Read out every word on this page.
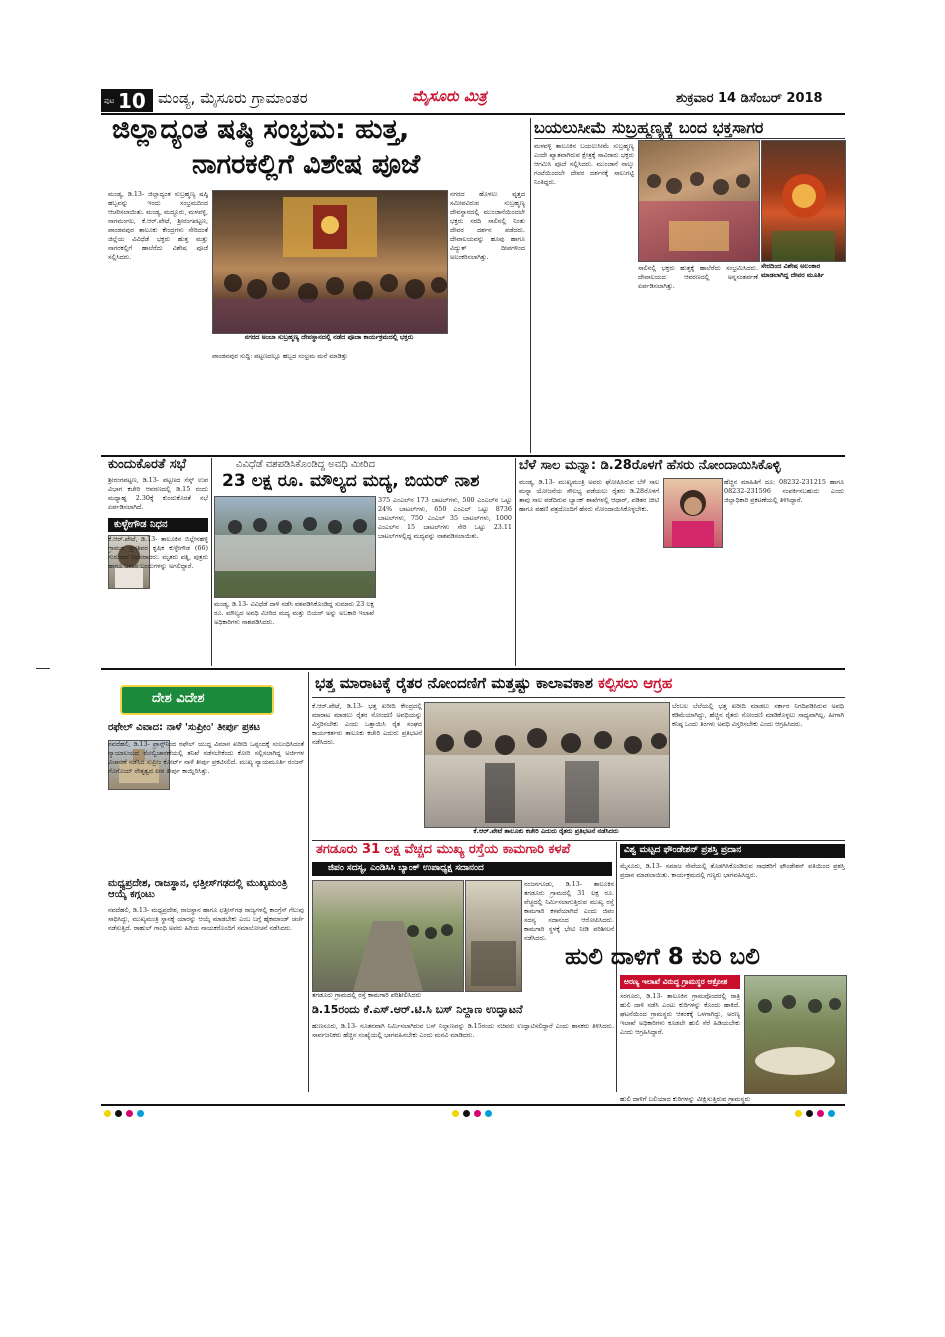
ಪುಟ 10 ಮಂಡ್ಯ, ಮೈಸೂರು ಗ್ರಾಮಾಂತರ	ಮೈಸೂರು ಮಿತ್ರ	ಶುಕ್ರವಾರ 14 ಡಿಸೆಂಬರ್ 2018
ಜಿಲ್ಲಾದ್ಯಂತ ಷಷ್ಠಿ ಸಂಭ್ರಮ: ಹುತ್ತ,
ನಾಗರಕಲ್ಲಿಗೆ ವಿಶೇಷ ಪೂಜೆ
ಮಂಡ್ಯ, ಡಿ.13- ಜಿಲ್ಲಾದ್ಯಂತ ಸುಬ್ರಹ್ಮಣ್ಯ ಷಷ್ಠಿ ಹಬ್ಬವನ್ನು ಇಂದು ಸಂಭ್ರಮದಿಂದ ಆಚರಿಸಲಾಯಿತು. ಮಂಡ್ಯ, ಮದ್ದೂರು, ಮಳವಳ್ಳಿ, ನಾಗಮಂಗಲ, ಕೆ.ಆರ್.ಪೇಟೆ, ಶ್ರೀರಂಗಪಟ್ಟಣ, ಪಾಂಡವಪುರ ತಾಲೂಕು ಕೇಂದ್ರಗಳು ಸೇರಿದಂತೆ ಜಿಲ್ಲೆಯ ವಿವಿಧೆಡೆ ಭಕ್ತರು ಹುತ್ತ ಮತ್ತು ನಾಗರಕಲ್ಲಿಗೆ ಹಾಲೆರೆದು ವಿಶೇಷ ಪೂಜೆ ಸಲ್ಲಿಸಿದರು.
ನಗರದ ಅಂಬಾ ಸುಬ್ರಹ್ಮಣ್ಯ ದೇವಸ್ಥಾನದಲ್ಲಿ ನಡೆದ ಪೂಜಾ ಕಾರ್ಯಕ್ರಮದಲ್ಲಿ ಭಕ್ತರು
ನಗರದ ಹೊಳಲು ವೃತ್ತದ ಸಮೀಪವಿರುವ ಸುಬ್ರಹ್ಮಣ್ಯ ದೇವಸ್ಥಾನದಲ್ಲಿ ಮುಂಜಾನೆಯಿಂದಲೇ ಭಕ್ತರು ಸರದಿ ಸಾಲಿನಲ್ಲಿ ನಿಂತು ದೇವರ ದರ್ಶನ ಪಡೆದರು. ದೇವಾಲಯವನ್ನು ಹೂವು ಹಾಗೂ ವಿದ್ಯುತ್ ದೀಪಗಳಿಂದ ಅಲಂಕರಿಸಲಾಗಿತ್ತು.
ಪಾಂಡವಪುರ ಸುದ್ದಿ: ಪಟ್ಟಣದಲ್ಲೂ ಹಬ್ಬದ ಸಂಭ್ರಮ ಮನೆ ಮಾಡಿತ್ತು
ಬಯಲುಸೀಮೆ ಸುಬ್ರಹ್ಮಣ್ಯಕ್ಕೆ ಬಂದ ಭಕ್ತಸಾಗರ
ಮಳವಳ್ಳಿ ತಾಲೂಕಿನ ಬಯಲುಸೀಮೆ ಸುಬ್ರಹ್ಮಣ್ಯ ಎಂದೇ ಖ್ಯಾತವಾಗಿರುವ ಕ್ಷೇತ್ರಕ್ಕೆ ಸಾವಿರಾರು ಭಕ್ತರು ಆಗಮಿಸಿ ಪೂಜೆ ಸಲ್ಲಿಸಿದರು. ಮುಂಜಾನೆ ನಾಲ್ಕು ಗಂಟೆಯಿಂದಲೇ ದೇವರ ದರ್ಶನಕ್ಕೆ ಸಾಲುಗಟ್ಟಿ ನಿಂತಿದ್ದರು.
ಸಾಲಿನಲ್ಲಿ ಭಕ್ತರು ಹುತ್ತಕ್ಕೆ ಹಾಲೆರೆದು ಸಂಭ್ರಮಿಸಿದರು. ದೇವಾಲಯದ ಆವರಣದಲ್ಲಿ ಅನ್ನಸಂತರ್ಪಣೆ ಏರ್ಪಡಿಸಲಾಗಿತ್ತು.
ಸೇರದಿಂದ ವಿಶೇಷ ಅಲಂಕಾರ ಮಾಡಲಾಗಿದ್ದ ದೇವರ ಮೂರ್ತಿ
ಕುಂದುಕೊರತೆ ಸಭೆ
ಶ್ರೀರಂಗಪಟ್ಟಣ, ಡಿ.13- ಪಟ್ಟಣದ ಸೆಸ್ಕ್ ಉಪ ವಿಭಾಗ ಕಚೇರಿ ಆವರಣದಲ್ಲಿ ಡಿ.15 ರಂದು ಮಧ್ಯಾಹ್ನ 2.30ಕ್ಕೆ ಕುಂದುಕೊರತೆ ಸಭೆ ಏರ್ಪಡಿಸಲಾಗಿದೆ.
ಕುಳ್ಳೇಗೌಡ ನಿಧನ
ಕೆ.ಆರ್.ಪೇಟೆ, ಡಿ.13- ತಾಲೂಕಿನ ಬಿಲ್ಲೇನಹಳ್ಳಿ ಗ್ರಾಮದ ಪ್ರಗತಿಪರ ಕೃಷಿಕ ಕುಳ್ಳೇಗೌಡ (66) ಗುರುವಾರ ನಿಧನರಾದರು. ಮೃತರು ಪತ್ನಿ, ಪುತ್ರರು ಹಾಗೂ ಅಪಾರ ಬಂಧುಗಳನ್ನು ಅಗಲಿದ್ದಾರೆ.
ವಿವಿಧೆಡೆ ವಶಪಡಿಸಿಕೊಂಡಿದ್ದ ಅವಧಿ ಮೀರಿದ
23 ಲಕ್ಷ ರೂ. ಮೌಲ್ಯದ ಮದ್ಯ, ಬಿಯರ್ ನಾಶ
375 ಎಂಎಲ್‌ನ 173 ಬಾಟಲ್‌ಗಳು, 500 ಎಂಎಲ್‌ನ ಒಟ್ಟು 24% ಬಾಟಲ್‌ಗಳು, 650 ಎಂಎಲ್ ಒಟ್ಟು 8736 ಬಾಟಲ್‌ಗಳು, 750 ಎಂಎಲ್ 35 ಬಾಟಲ್‌ಗಳು, 1000 ಎಂಎಲ್‌ನ 15 ಬಾಟಲ್‌ಗಳು ಸೇರಿ ಒಟ್ಟು 23.11 ಬಾಟಲ್‌ಗಳಲ್ಲಿದ್ದ ಮದ್ಯವನ್ನು ನಾಶಪಡಿಸಲಾಯಿತು.
ಮಂಡ್ಯ, ಡಿ.13- ವಿವಿಧೆಡೆ ದಾಳಿ ನಡೆಸಿ ವಶಪಡಿಸಿಕೊಂಡಿದ್ದ ಸುಮಾರು 23 ಲಕ್ಷ ರೂ. ಮೌಲ್ಯದ ಅವಧಿ ಮೀರಿದ ಮದ್ಯ ಮತ್ತು ಬಿಯರ್ ಅನ್ನು ಅಬಕಾರಿ ಇಲಾಖೆ ಅಧಿಕಾರಿಗಳು ನಾಶಪಡಿಸಿದರು.
ಬೆಳೆ ಸಾಲ ಮನ್ನಾ: ಡಿ.28ರೊಳಗೆ ಹೆಸರು ನೋಂದಾಯಿಸಿಕೊಳ್ಳಿ
ಮಂಡ್ಯ, ಡಿ.13- ಮುಖ್ಯಮಂತ್ರಿ ಅವರು ಘೋಷಿಸಿರುವ ಬೆಳೆ ಸಾಲ ಮನ್ನಾ ಯೋಜನೆಯ ಸೌಲಭ್ಯ ಪಡೆಯಲು ರೈತರು ಡಿ.28ರೊಳಗೆ ತಾವು ಸಾಲ ಪಡೆದಿರುವ ಬ್ಯಾಂಕ್ ಶಾಖೆಗಳಲ್ಲಿ ಆಧಾರ್, ಪಡಿತರ ಚೀಟಿ ಹಾಗೂ ಪಹಣಿ ಪತ್ರದೊಂದಿಗೆ ಹೆಸರು ನೋಂದಾಯಿಸಿಕೊಳ್ಳಬೇಕು.
ಹೆಚ್ಚಿನ ಮಾಹಿತಿಗೆ ದೂ: 08232-231215 ಹಾಗೂ 08232-231596 ಸಂಪರ್ಕಿಸಬಹುದು ಎಂದು ಜಿಲ್ಲಾಧಿಕಾರಿ ಪ್ರಕಟಣೆಯಲ್ಲಿ ತಿಳಿಸಿದ್ದಾರೆ.
ದೇಶ ವಿದೇಶ
ರಫೇಲ್ ವಿವಾದ: ನಾಳೆ 'ಸುಪ್ರೀಂ' ತೀರ್ಪು ಪ್ರಕಟ
ನವದೆಹಲಿ, ಡಿ.13- ಫ್ರಾನ್ಸ್‌ನಿಂದ ರಫೇಲ್ ಯುದ್ಧ ವಿಮಾನ ಖರೀದಿ ಒಪ್ಪಂದಕ್ಕೆ ಸಂಬಂಧಿಸಿದಂತೆ ನ್ಯಾಯಾಲಯದ ಮೇಲ್ವಿಚಾರಣೆಯಲ್ಲಿ ತನಿಖೆ ನಡೆಸಬೇಕೆಂದು ಕೋರಿ ಸಲ್ಲಿಸಲಾಗಿದ್ದ ಅರ್ಜಿಗಳ ವಿಚಾರಣೆ ನಡೆಸಿದ ಸುಪ್ರೀಂ ಕೋರ್ಟ್ ನಾಳೆ ತೀರ್ಪು ಪ್ರಕಟಿಸಲಿದೆ. ಮುಖ್ಯ ನ್ಯಾಯಮೂರ್ತಿ ರಂಜನ್ ಗೊಗೊಯ್ ನೇತೃತ್ವದ ಪೀಠ ತೀರ್ಪು ಕಾಯ್ದಿರಿಸಿತ್ತು.
ಮಧ್ಯಪ್ರದೇಶ, ರಾಜಸ್ಥಾನ, ಛತ್ತೀಸ್‌ಗಢದಲ್ಲಿ ಮುಖ್ಯಮಂತ್ರಿ ಆಯ್ಕೆ ಕಗ್ಗಂಟು
ನವದೆಹಲಿ, ಡಿ.13- ಮಧ್ಯಪ್ರದೇಶ, ರಾಜಸ್ಥಾನ ಹಾಗೂ ಛತ್ತೀಸ್‌ಗಢ ರಾಜ್ಯಗಳಲ್ಲಿ ಕಾಂಗ್ರೆಸ್ ಗೆಲುವು ಸಾಧಿಸಿದ್ದು, ಮುಖ್ಯಮಂತ್ರಿ ಸ್ಥಾನಕ್ಕೆ ಯಾರನ್ನು ಆಯ್ಕೆ ಮಾಡಬೇಕು ಎಂಬ ಬಗ್ಗೆ ಹೈಕಮಾಂಡ್ ಚರ್ಚೆ ನಡೆಸುತ್ತಿದೆ. ರಾಹುಲ್ ಗಾಂಧಿ ಅವರು ಹಿರಿಯ ನಾಯಕರೊಂದಿಗೆ ಸಮಾಲೋಚನೆ ನಡೆಸಿದರು.
ಭತ್ತ ಮಾರಾಟಕ್ಕೆ ರೈತರ ನೋಂದಣಿಗೆ ಮತ್ತಷ್ಟು ಕಾಲಾವಕಾಶ ಕಲ್ಪಿಸಲು ಆಗ್ರಹ
ಕೆ.ಆರ್.ಪೇಟೆ, ಡಿ.13- ಭತ್ತ ಖರೀದಿ ಕೇಂದ್ರದಲ್ಲಿ ಮಾರಾಟ ಮಾಡಲು ರೈತರ ನೋಂದಣಿ ಅವಧಿಯನ್ನು ವಿಸ್ತರಿಸಬೇಕು ಎಂದು ಒತ್ತಾಯಿಸಿ ರೈತ ಸಂಘದ ಕಾರ್ಯಕರ್ತರು ತಾಲೂಕು ಕಚೇರಿ ಎದುರು ಪ್ರತಿಭಟನೆ ನಡೆಸಿದರು.
ಕೆ.ಆರ್.ಪೇಟೆ ತಾಲೂಕು ಕಚೇರಿ ಎದುರು ರೈತರು ಪ್ರತಿಭಟನೆ ನಡೆಸಿದರು
ಬೆಂಬಲ ಬೆಲೆಯಲ್ಲಿ ಭತ್ತ ಖರೀದಿ ಮಾಡಲು ಸರ್ಕಾರ ನಿಗದಿಪಡಿಸಿರುವ ಅವಧಿ ಕಡಿಮೆಯಾಗಿದ್ದು, ಹೆಚ್ಚಿನ ರೈತರು ನೋಂದಣಿ ಮಾಡಿಕೊಳ್ಳಲು ಸಾಧ್ಯವಾಗಿಲ್ಲ. ಹೀಗಾಗಿ ಕನಿಷ್ಠ ಒಂದು ತಿಂಗಳು ಅವಧಿ ವಿಸ್ತರಿಸಬೇಕು ಎಂದು ಆಗ್ರಹಿಸಿದರು.
ತಗಡೂರು 31 ಲಕ್ಷ ವೆಚ್ಚದ ಮುಖ್ಯ ರಸ್ತೆಯ ಕಾಮಗಾರಿ ಕಳಪೆ
ಜಿಪಂ ಸದಸ್ಯ, ಎಂಡಿಸಿಸಿ ಬ್ಯಾಂಕ್ ಉಪಾಧ್ಯಕ್ಷ ಸದಾನಂದ
ತಗಡೂರು ಗ್ರಾಮದಲ್ಲಿ ರಸ್ತೆ ಕಾಮಗಾರಿ ಪರಿಶೀಲಿಸಿದರು
ನಂಜನಗೂಡು, ಡಿ.13- ತಾಲೂಕಿನ ತಗಡೂರು ಗ್ರಾಮದಲ್ಲಿ 31 ಲಕ್ಷ ರೂ. ವೆಚ್ಚದಲ್ಲಿ ನಿರ್ಮಿಸಲಾಗುತ್ತಿರುವ ಮುಖ್ಯ ರಸ್ತೆ ಕಾಮಗಾರಿ ಕಳಪೆಯಾಗಿದೆ ಎಂದು ಜಿಪಂ ಸದಸ್ಯ ಸದಾನಂದ ಆರೋಪಿಸಿದರು. ಕಾಮಗಾರಿ ಸ್ಥಳಕ್ಕೆ ಭೇಟಿ ನೀಡಿ ಪರಿಶೀಲನೆ ನಡೆಸಿದರು.
ವಿಶ್ವ ಮಟ್ಟದ ಫೌಂಡೇಶನ್ ಪ್ರಶಸ್ತಿ ಪ್ರದಾನ
ಮೈಸೂರು, ಡಿ.13- ಸಮಾಜ ಸೇವೆಯಲ್ಲಿ ತೊಡಗಿಸಿಕೊಂಡಿರುವ ಸಾಧಕರಿಗೆ ಫೌಂಡೇಶನ್ ವತಿಯಿಂದ ಪ್ರಶಸ್ತಿ ಪ್ರದಾನ ಮಾಡಲಾಯಿತು. ಕಾರ್ಯಕ್ರಮದಲ್ಲಿ ಗಣ್ಯರು ಭಾಗವಹಿಸಿದ್ದರು.
ಡಿ.15ರಂದು ಕೆ.ಎಸ್.ಆರ್.ಟಿ.ಸಿ ಬಸ್ ನಿಲ್ದಾಣ ಉದ್ಘಾಟನೆ
ಹುಣಸೂರು, ಡಿ.13- ನೂತನವಾಗಿ ನಿರ್ಮಿಸಲಾಗಿರುವ ಬಸ್ ನಿಲ್ದಾಣವನ್ನು ಡಿ.15ರಂದು ಸಚಿವರು ಉದ್ಘಾಟಿಸಲಿದ್ದಾರೆ ಎಂದು ಶಾಸಕರು ತಿಳಿಸಿದರು. ಸಾರ್ವಜನಿಕರು ಹೆಚ್ಚಿನ ಸಂಖ್ಯೆಯಲ್ಲಿ ಭಾಗವಹಿಸಬೇಕು ಎಂದು ಮನವಿ ಮಾಡಿದರು.
ಹುಲಿ ದಾಳಿಗೆ 8 ಕುರಿ ಬಲಿ
ಅರಣ್ಯ ಇಲಾಖೆ ವಿರುದ್ಧ ಗ್ರಾಮಸ್ಥರ ಆಕ್ರೋಶ
ಸರಗೂರು, ಡಿ.13- ತಾಲೂಕಿನ ಗ್ರಾಮವೊಂದರಲ್ಲಿ ರಾತ್ರಿ ಹುಲಿ ದಾಳಿ ನಡೆಸಿ ಎಂಟು ಕುರಿಗಳನ್ನು ಕೊಂದು ಹಾಕಿದೆ. ಘಟನೆಯಿಂದ ಗ್ರಾಮಸ್ಥರು ಆತಂಕಕ್ಕೆ ಒಳಗಾಗಿದ್ದು, ಅರಣ್ಯ ಇಲಾಖೆ ಅಧಿಕಾರಿಗಳು ಕೂಡಲೇ ಹುಲಿ ಸೆರೆ ಹಿಡಿಯಬೇಕು ಎಂದು ಆಗ್ರಹಿಸಿದ್ದಾರೆ.
ಹುಲಿ ದಾಳಿಗೆ ಬಲಿಯಾದ ಕುರಿಗಳನ್ನು ವೀಕ್ಷಿಸುತ್ತಿರುವ ಗ್ರಾಮಸ್ಥರು
